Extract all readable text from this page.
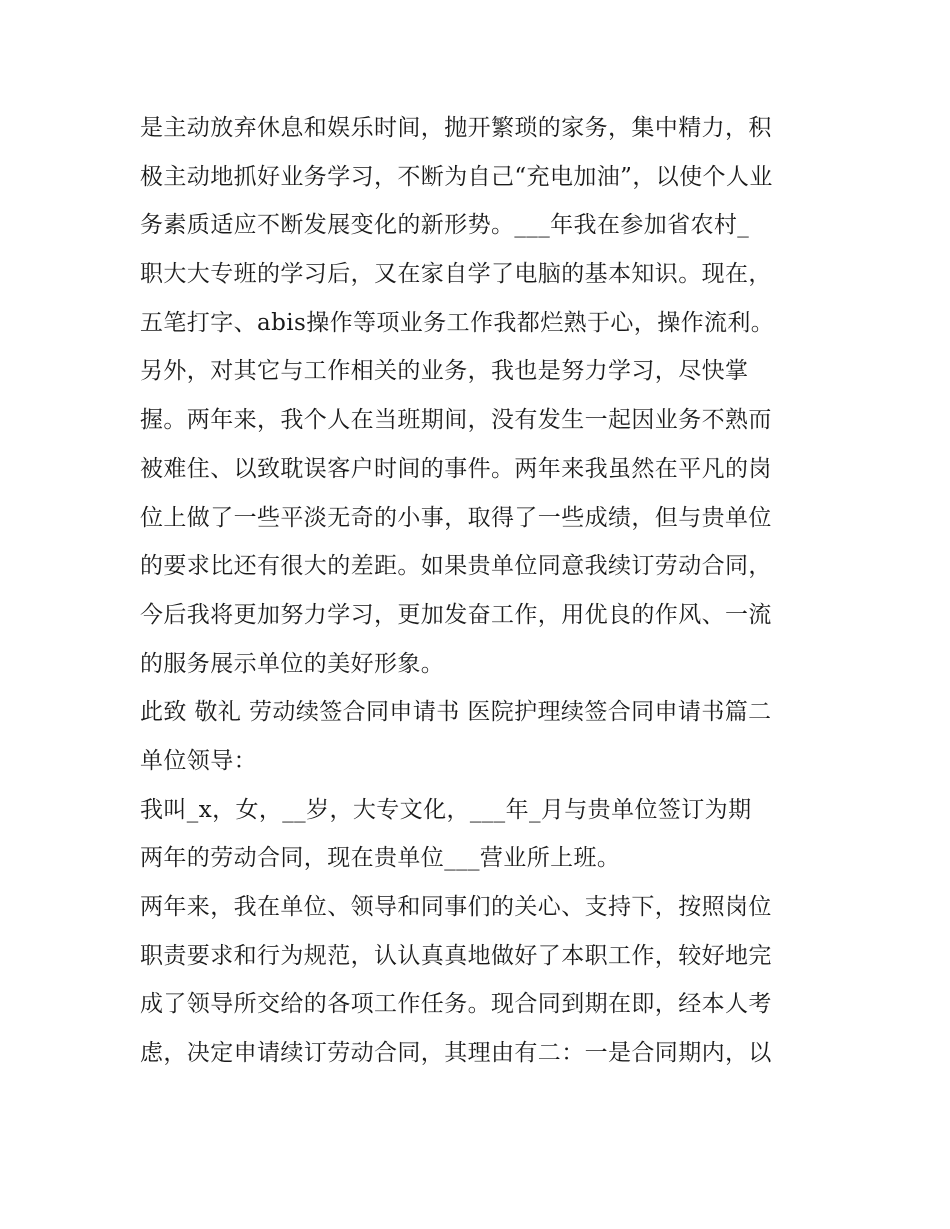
是主动放弃休息和娱乐时间，抛开繁琐的家务，集中精力，积
极主动地抓好业务学习，不断为自己“充电加油”，以使个人业
务素质适应不断发展变化的新形势。___年我在参加省农村_
职大大专班的学习后，又在家自学了电脑的基本知识。现在，
五笔打字、abis操作等项业务工作我都烂熟于心，操作流利。
另外，对其它与工作相关的业务，我也是努力学习，尽快掌
握。两年来，我个人在当班期间，没有发生一起因业务不熟而
被难住、以致耽误客户时间的事件。两年来我虽然在平凡的岗
位上做了一些平淡无奇的小事，取得了一些成绩，但与贵单位
的要求比还有很大的差距。如果贵单位同意我续订劳动合同，
今后我将更加努力学习，更加发奋工作，用优良的作风、一流
的服务展示单位的美好形象。

此致 敬礼 劳动续签合同申请书 医院护理续签合同申请书篇二

单位领导：

我叫_x，女，__岁，大专文化，___年_月与贵单位签订为期
两年的劳动合同，现在贵单位___营业所上班。

两年来，我在单位、领导和同事们的关心、支持下，按照岗位
职责要求和行为规范，认认真真地做好了本职工作，较好地完
成了领导所交给的各项工作任务。现合同到期在即，经本人考
虑，决定申请续订劳动合同，其理由有二：一是合同期内，以
